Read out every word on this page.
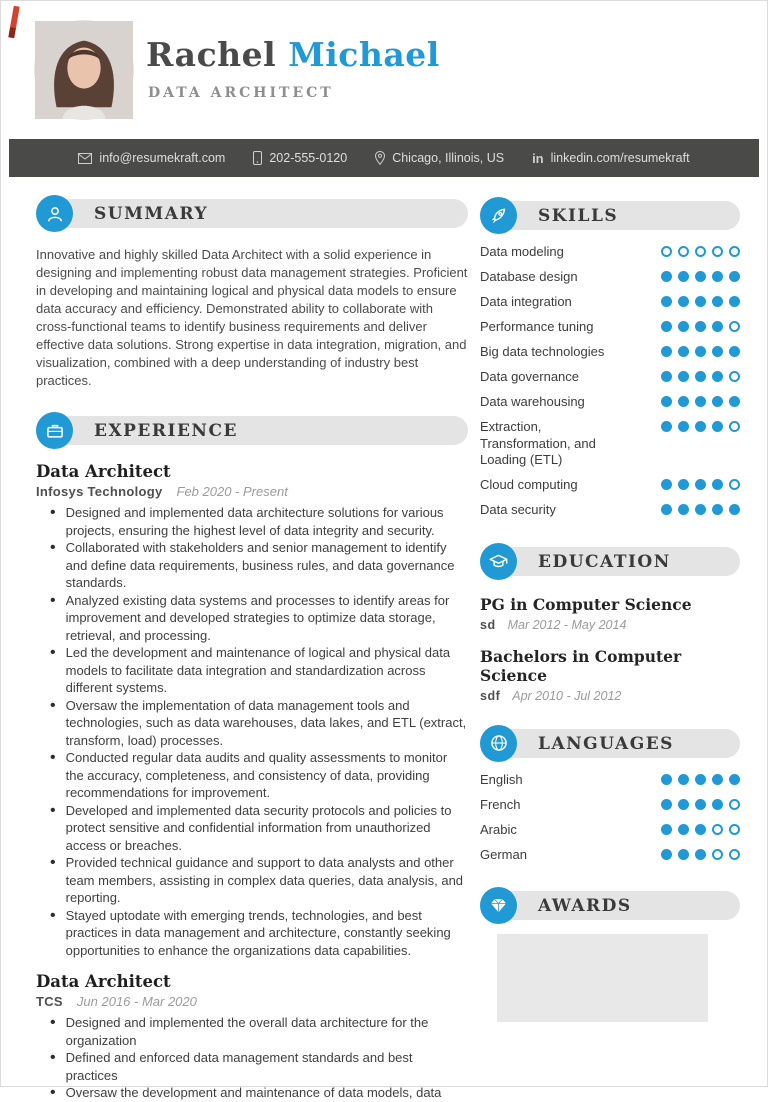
Rachel Michael
DATA ARCHITECT
info@resumekraft.com	202-555-0120	Chicago, Illinois, US in linkedin.com/resumekraft
SUMMARY
Innovative and highly skilled Data Architect with a solid experience in designing and implementing robust data management strategies. Proficient in developing and maintaining logical and physical data models to ensure data accuracy and efficiency. Demonstrated ability to collaborate with cross-functional teams to identify business requirements and deliver effective data solutions. Strong expertise in data integration, migration, and visualization, combined with a deep understanding of industry best practices.
EXPERIENCE
Data Architect
Infosys Technology Feb 2020 - Present
• Designed and implemented data architecture solutions for various projects, ensuring the highest level of data integrity and security.
• Collaborated with stakeholders and senior management to identify and define data requirements, business rules, and data governance standards.
• Analyzed existing data systems and processes to identify areas for improvement and developed strategies to optimize data storage, retrieval, and processing.
• Led the development and maintenance of logical and physical data models to facilitate data integration and standardization across different systems.
• Oversaw the implementation of data management tools and technologies, such as data warehouses, data lakes, and ETL (extract, transform, load) processes.
• Conducted regular data audits and quality assessments to monitor the accuracy, completeness, and consistency of data, providing recommendations for improvement.
• Developed and implemented data security protocols and policies to protect sensitive and confidential information from unauthorized access or breaches.
• Provided technical guidance and support to data analysts and other team members, assisting in complex data queries, data analysis, and reporting.
• Stayed uptodate with emerging trends, technologies, and best practices in data management and architecture, constantly seeking opportunities to enhance the organizations data capabilities.
Data Architect
TCS Jun 2016 - Mar 2020
• Designed and implemented the overall data architecture for the organization
• Defined and enforced data management standards and best practices
• Oversaw the development and maintenance of data models, data
SKILLS
Data modeling
Database design
Data integration
Performance tuning
Big data technologies
Data governance
Data warehousing
Extraction, Transformation, and Loading (ETL)
Cloud computing
Data security
EDUCATION
PG in Computer Science
sd Mar 2012 - May 2014
Bachelors in Computer Science
sdf Apr 2010 - Jul 2012
LANGUAGES
English
French
Arabic
German
AWARDS
